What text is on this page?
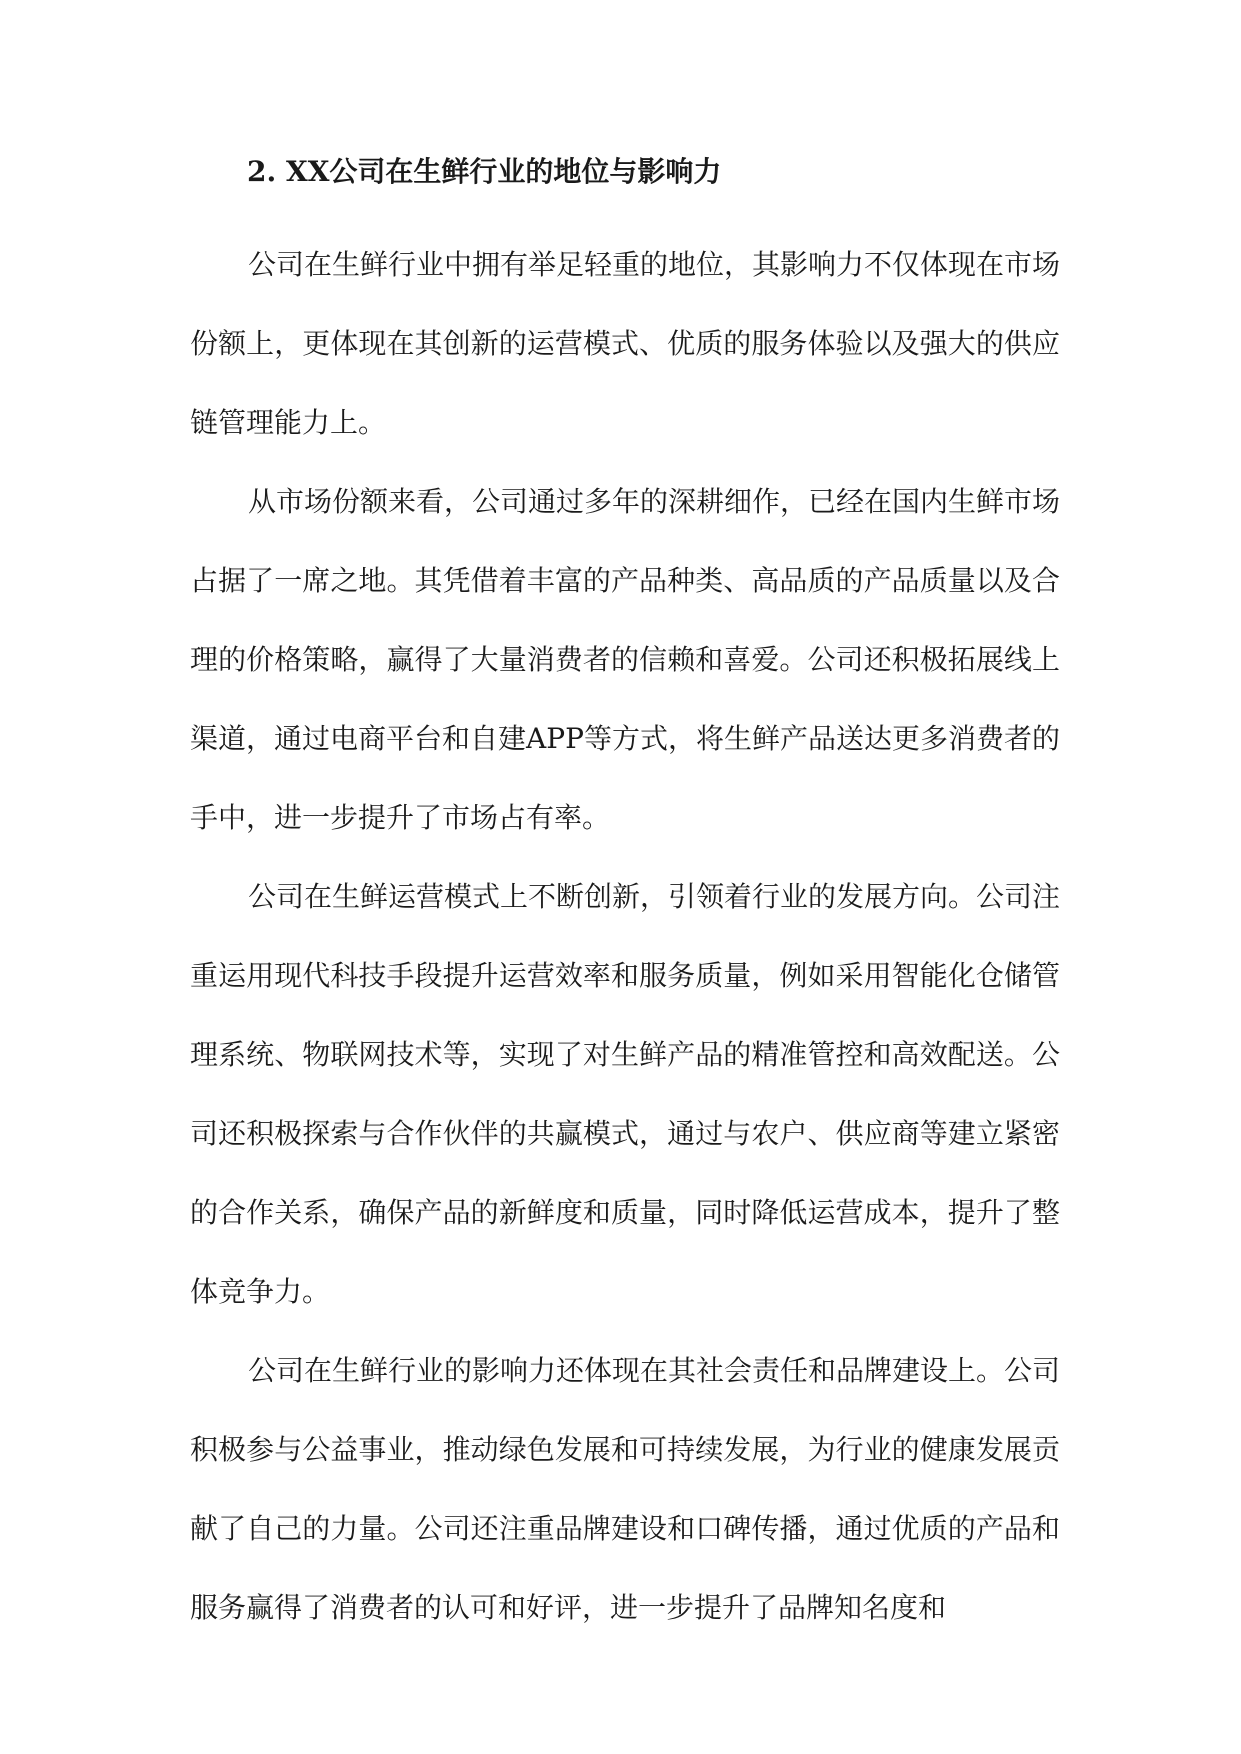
2. XX公司在生鲜行业的地位与影响力

公司在生鲜行业中拥有举足轻重的地位，其影响力不仅体现在市场份额上，更体现在其创新的运营模式、优质的服务体验以及强大的供应链管理能力上。

从市场份额来看，公司通过多年的深耕细作，已经在国内生鲜市场占据了一席之地。其凭借着丰富的产品种类、高品质的产品质量以及合理的价格策略，赢得了大量消费者的信赖和喜爱。公司还积极拓展线上渠道，通过电商平台和自建APP等方式，将生鲜产品送达更多消费者的手中，进一步提升了市场占有率。

公司在生鲜运营模式上不断创新，引领着行业的发展方向。公司注重运用现代科技手段提升运营效率和服务质量，例如采用智能化仓储管理系统、物联网技术等，实现了对生鲜产品的精准管控和高效配送。公司还积极探索与合作伙伴的共赢模式，通过与农户、供应商等建立紧密的合作关系，确保产品的新鲜度和质量，同时降低运营成本，提升了整体竞争力。

公司在生鲜行业的影响力还体现在其社会责任和品牌建设上。公司积极参与公益事业，推动绿色发展和可持续发展，为行业的健康发展贡献了自己的力量。公司还注重品牌建设和口碑传播，通过优质的产品和服务赢得了消费者的认可和好评，进一步提升了品牌知名度和
